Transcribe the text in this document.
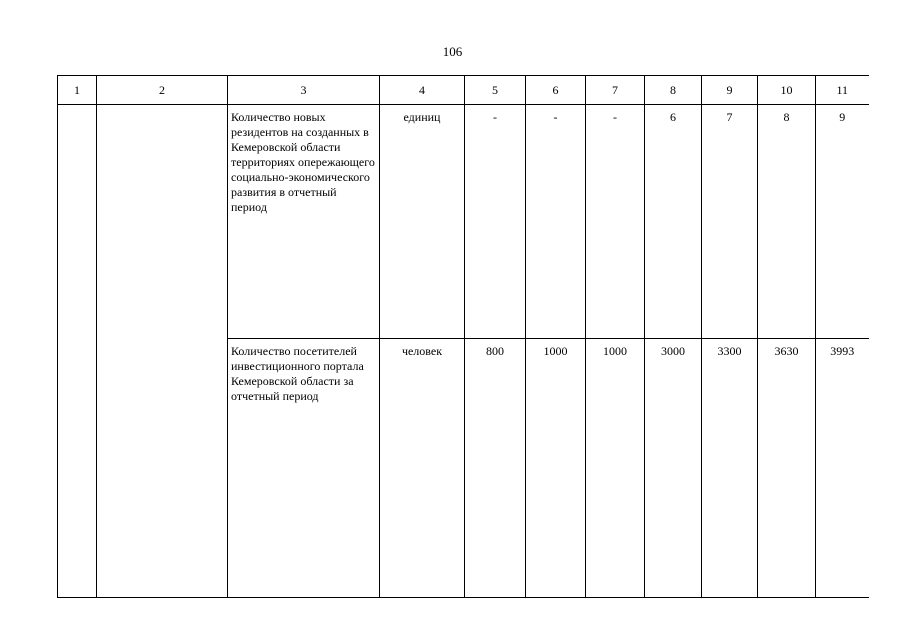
106
1	2	3	4	5	6	7	8	9	10	11
		Количество новых резидентов на созданных в Кемеровской области территориях опережающего социально-экономического развития в отчетный период	единиц	-	-	-	6	7	8	9
		Количество посетителей инвестиционного портала Кемеровской области за отчетный период	человек	800	1000	1000	3000	3300	3630	3993
